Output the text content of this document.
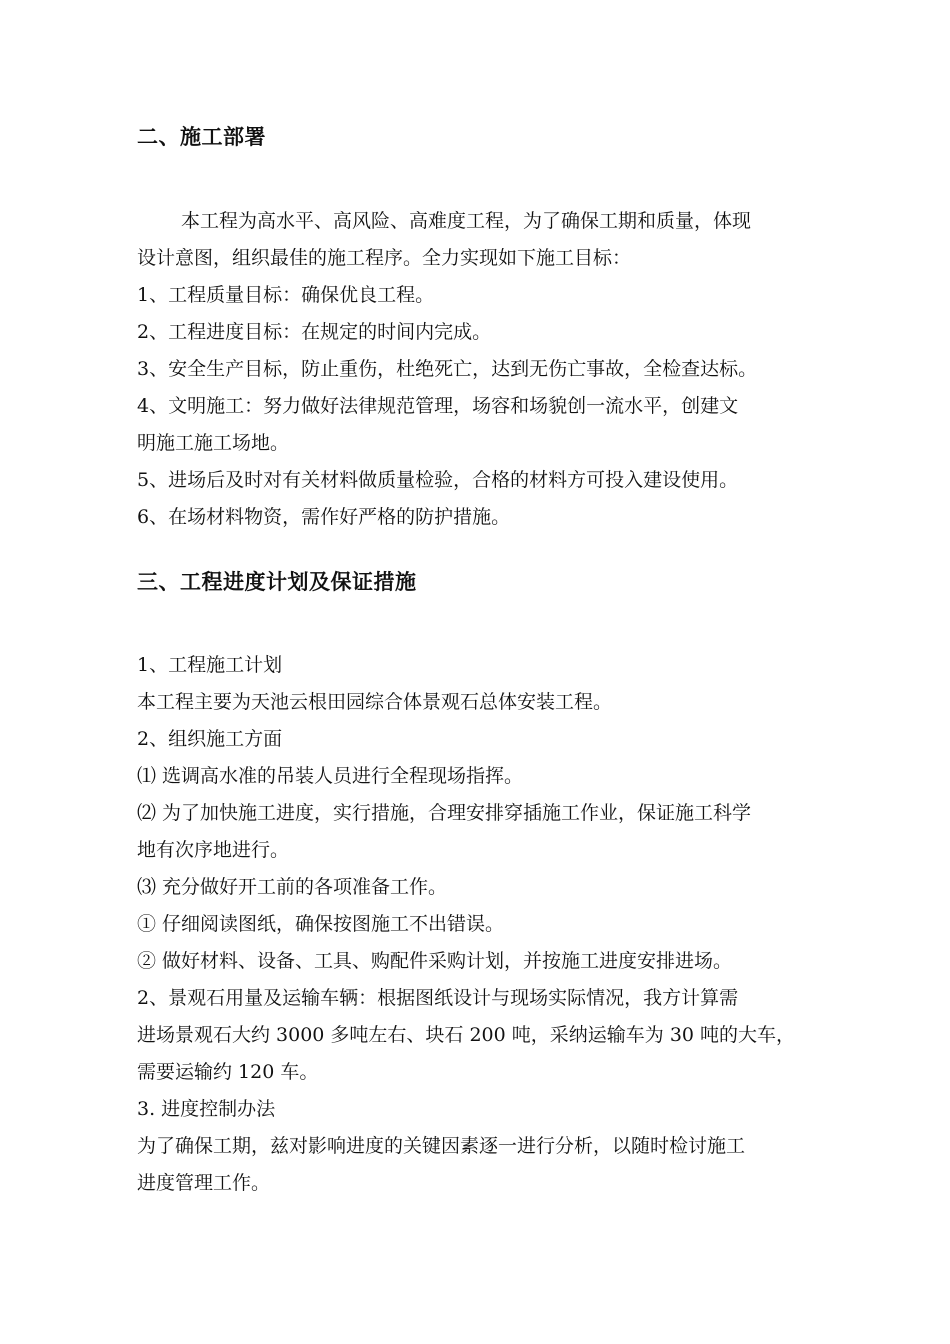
二、施工部署
本工程为高水平、高风险、高难度工程，为了确保工期和质量，体现
设计意图，组织最佳的施工程序。全力实现如下施工目标：
1、工程质量目标：确保优良工程。
2、工程进度目标：在规定的时间内完成。
3、安全生产目标，防止重伤，杜绝死亡，达到无伤亡事故，全检查达标。
4、文明施工：努力做好法律规范管理，场容和场貌创一流水平，创建文
明施工施工场地。
5、进场后及时对有关材料做质量检验，合格的材料方可投入建设使用。
6、在场材料物资，需作好严格的防护措施。
三、工程进度计划及保证措施
1、工程施工计划
本工程主要为天池云根田园综合体景观石总体安装工程。
2、组织施工方面
⑴ 选调高水准的吊装人员进行全程现场指挥。
⑵ 为了加快施工进度，实行措施，合理安排穿插施工作业，保证施工科学
地有次序地进行。
⑶ 充分做好开工前的各项准备工作。
① 仔细阅读图纸，确保按图施工不出错误。
② 做好材料、设备、工具、购配件采购计划，并按施工进度安排进场。
2、景观石用量及运输车辆：根据图纸设计与现场实际情况，我方计算需
进场景观石大约 3000 多吨左右、块石 200 吨，采纳运输车为 30 吨的大车，
需要运输约 120 车。
3. 进度控制办法
为了确保工期，兹对影响进度的关键因素逐一进行分析，以随时检讨施工
进度管理工作。
